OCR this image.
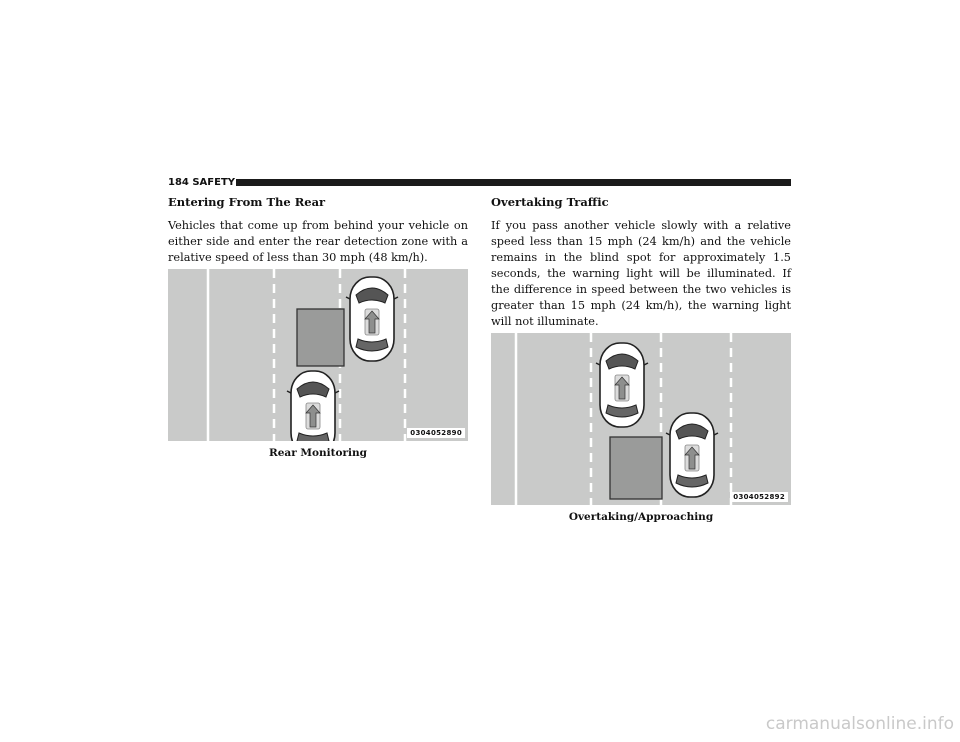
184 SAFETY
Entering From The Rear

Vehicles that come up from behind your vehicle on either side and enter the rear detection zone with a relative speed of less than 30 mph (48 km/h).

0304052890
Rear Monitoring
Overtaking Traffic

If you pass another vehicle slowly with a relative speed less than 15 mph (24 km/h) and the vehicle remains in the blind spot for approximately 1.5 seconds, the warning light will be illuminated. If the difference in speed between the two vehicles is greater than 15 mph (24 km/h), the warning light will not illuminate.

0304052892
Overtaking/Approaching
carmanualsonline.info
